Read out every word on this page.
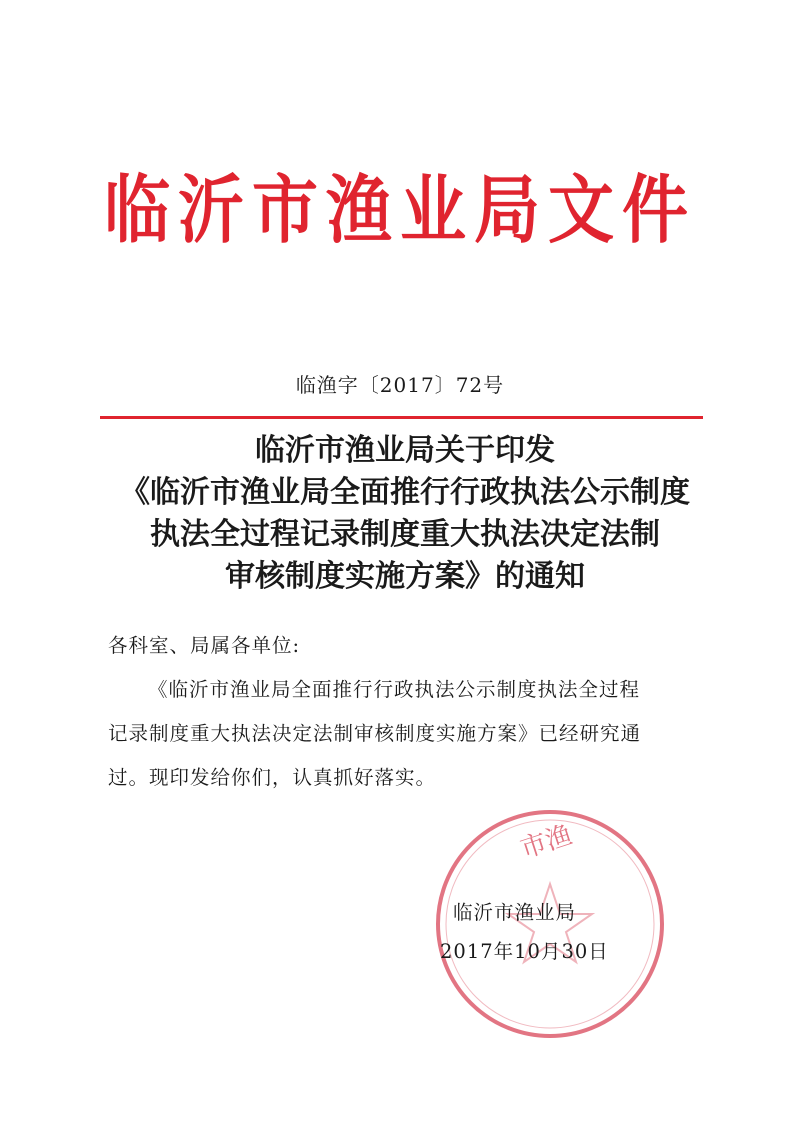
临沂市渔业局文件
临渔字〔2017〕72号
临沂市渔业局关于印发
《临沂市渔业局全面推行行政执法公示制度
执法全过程记录制度重大执法决定法制
审核制度实施方案》的通知
各科室、局属各单位:
《临沂市渔业局全面推行行政执法公示制度执法全过程
记录制度重大执法决定法制审核制度实施方案》已经研究通
过。现印发给你们，认真抓好落实。
市渔
临沂市渔业局
2017年10月30日
